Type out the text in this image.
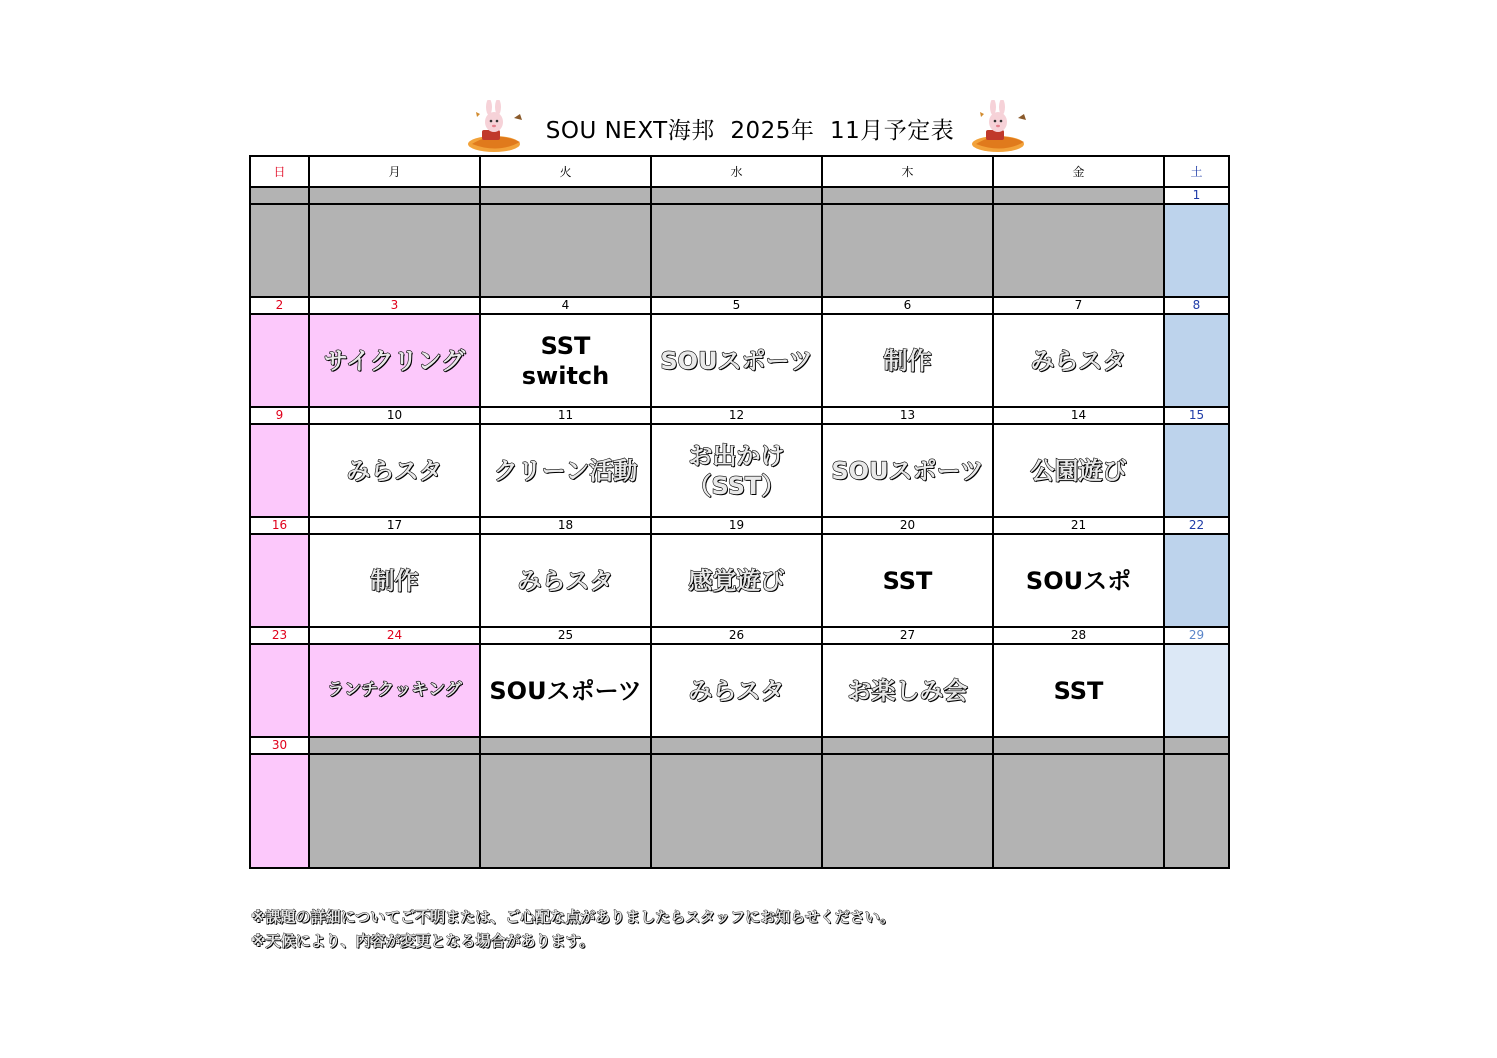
SOU NEXT海邦  2025年  11月予定表
日	月	火	水	木	金	土
						1

2	3	4	5	6	7	8
	サイクリング	SST
switch	SOUスポーツ	制作	みらスタ	
9	10	11	12	13	14	15
	みらスタ	クリーン活動	お出かけ
（SST）	SOUスポーツ	公園遊び	
16	17	18	19	20	21	22
	制作	みらスタ	感覚遊び	SST	SOUスポ	
23	24	25	26	27	28	29
	ランチクッキング	SOUスポーツ	みらスタ	お楽しみ会	SST	
30						

※課題の詳細についてご不明または、ご心配な点がありましたらスタッフにお知らせください。
※天候により、内容が変更となる場合があります。
